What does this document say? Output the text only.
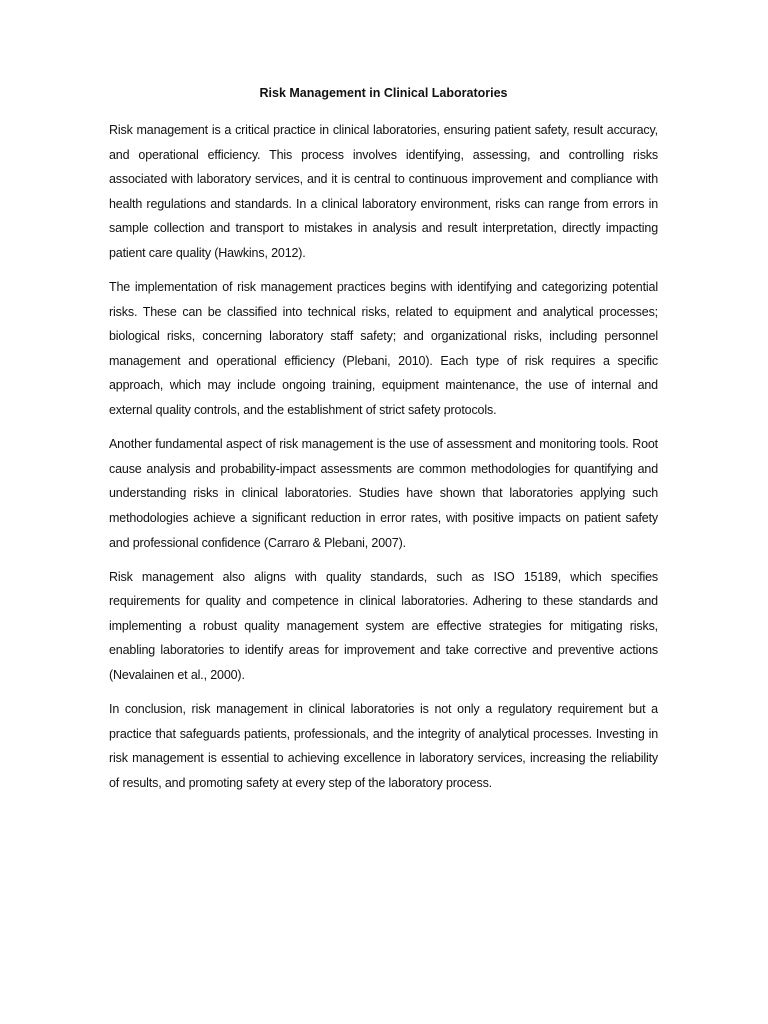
Risk Management in Clinical Laboratories

Risk management is a critical practice in clinical laboratories, ensuring patient safety, result accuracy, and operational efficiency. This process involves identifying, assessing, and controlling risks associated with laboratory services, and it is central to continuous improvement and compliance with health regulations and standards. In a clinical laboratory environment, risks can range from errors in sample collection and transport to mistakes in analysis and result interpretation, directly impacting patient care quality (Hawkins, 2012).

The implementation of risk management practices begins with identifying and categorizing potential risks. These can be classified into technical risks, related to equipment and analytical processes; biological risks, concerning laboratory staff safety; and organizational risks, including personnel management and operational efficiency (Plebani, 2010). Each type of risk requires a specific approach, which may include ongoing training, equipment maintenance, the use of internal and external quality controls, and the establishment of strict safety protocols.

Another fundamental aspect of risk management is the use of assessment and monitoring tools. Root cause analysis and probability-impact assessments are common methodologies for quantifying and understanding risks in clinical laboratories. Studies have shown that laboratories applying such methodologies achieve a significant reduction in error rates, with positive impacts on patient safety and professional confidence (Carraro & Plebani, 2007).

Risk management also aligns with quality standards, such as ISO 15189, which specifies requirements for quality and competence in clinical laboratories. Adhering to these standards and implementing a robust quality management system are effective strategies for mitigating risks, enabling laboratories to identify areas for improvement and take corrective and preventive actions (Nevalainen et al., 2000).

In conclusion, risk management in clinical laboratories is not only a regulatory requirement but a practice that safeguards patients, professionals, and the integrity of analytical processes. Investing in risk management is essential to achieving excellence in laboratory services, increasing the reliability of results, and promoting safety at every step of the laboratory process.
